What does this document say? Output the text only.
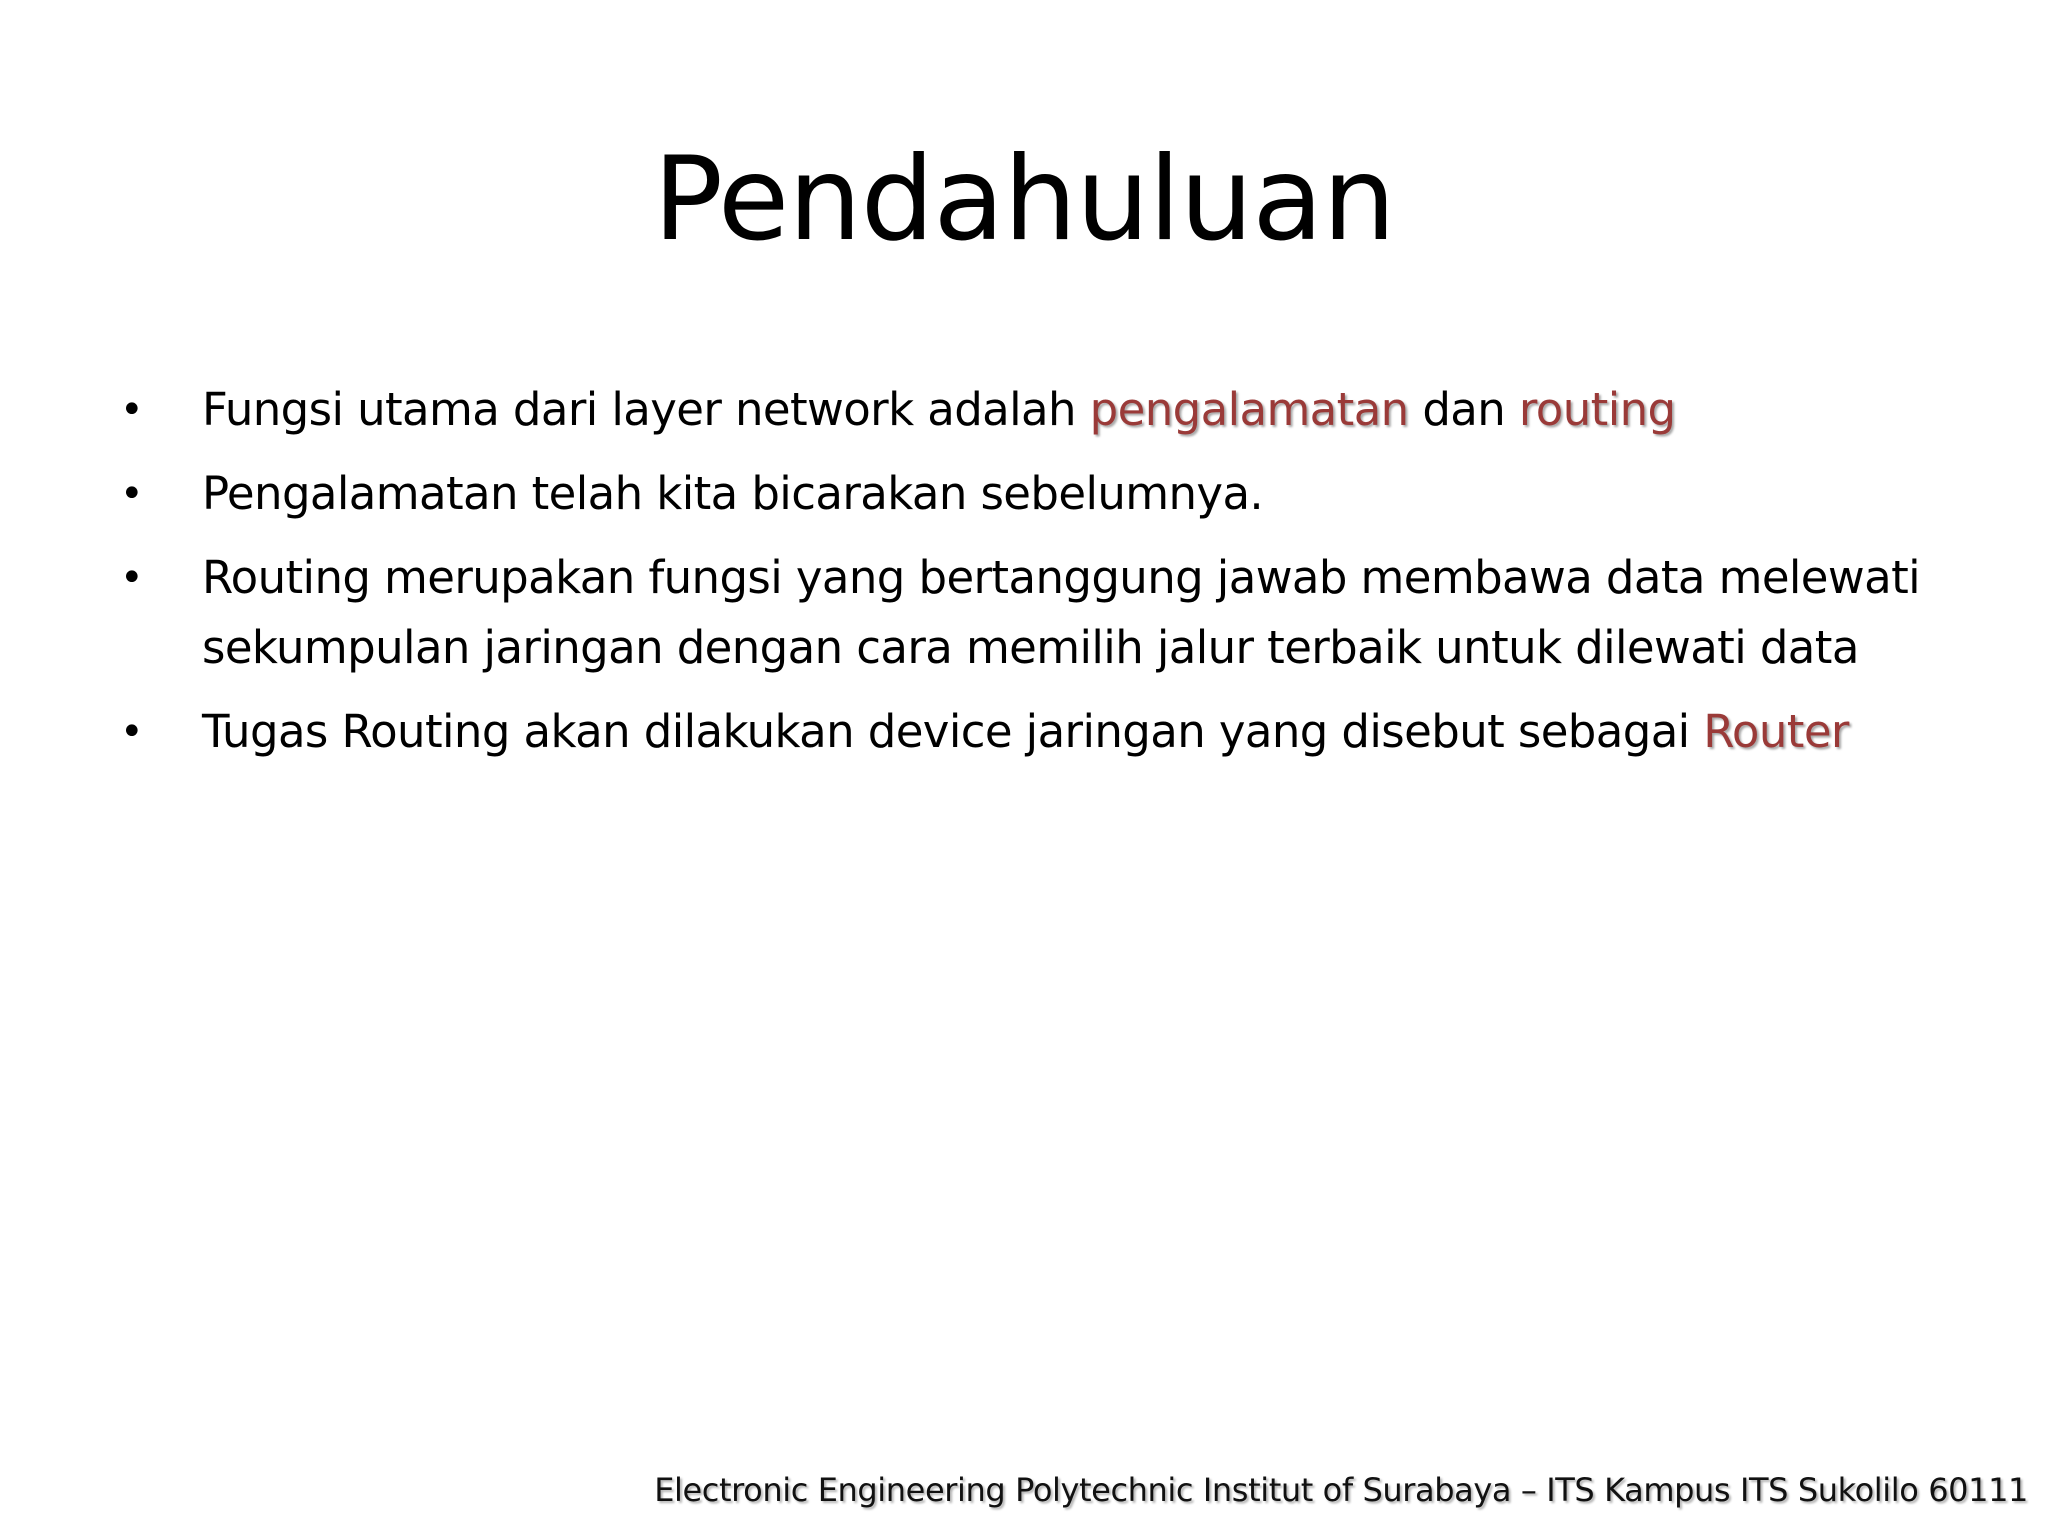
Pendahuluan
• Fungsi utama dari layer network adalah pengalamatan dan routing
• Pengalamatan telah kita bicarakan sebelumnya.
• Routing merupakan fungsi yang bertanggung jawab membawa data melewati sekumpulan jaringan dengan cara memilih jalur terbaik untuk dilewati data
• Tugas Routing akan dilakukan device jaringan yang disebut sebagai Router
Electronic Engineering Polytechnic Institut of Surabaya – ITS Kampus ITS Sukolilo 60111
